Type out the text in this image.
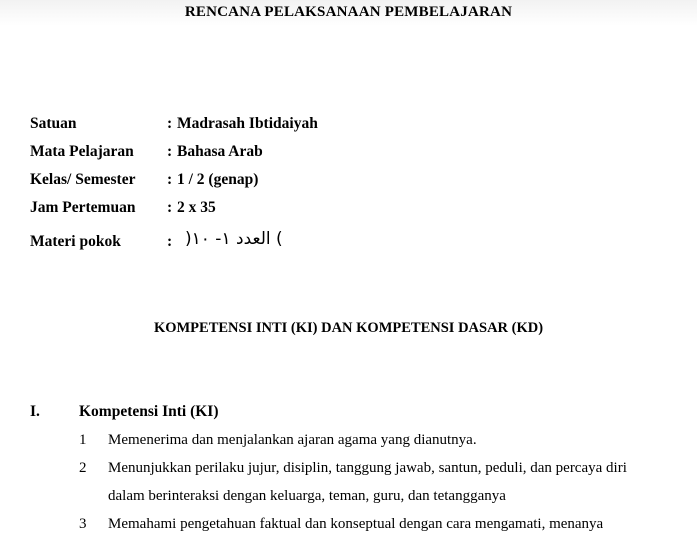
RENCANA PELAKSANAAN PEMBELAJARAN
Satuan	: Madrasah Ibtidaiyah
Mata Pelajaran : Bahasa Arab
Kelas/ Semester : 1 / 2 (genap)
Jam Pertemuan : 2 x 35
Materi pokok	: ) العدد ١- ١٠(
KOMPETENSI INTI (KI) DAN KOMPETENSI DASAR (KD)
I.	Kompetensi Inti (KI)
1 Memenerima dan menjalankan ajaran agama yang dianutnya.
2 Menunjukkan perilaku jujur, disiplin, tanggung jawab, santun, peduli, dan percaya diri
dalam berinteraksi dengan keluarga, teman, guru, dan tetangganya
3 Memahami pengetahuan faktual dan konseptual dengan cara mengamati, menanya
